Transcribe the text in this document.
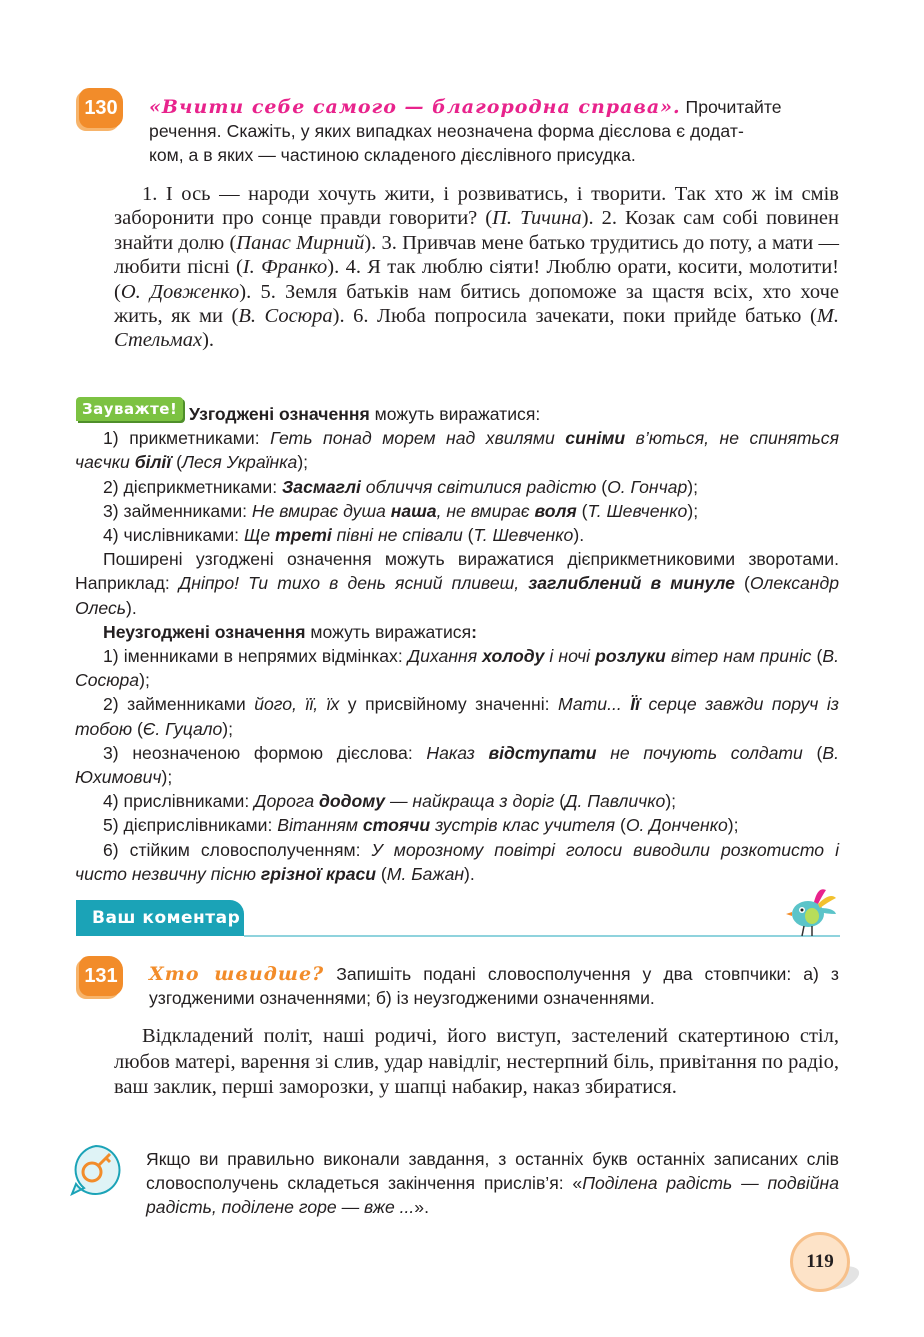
130 «Вчити себе самого — благородна справа». Прочитайте
речення. Скажіть, у яких випадках неозначена форма дієслова є додат-
ком, а в яких — частиною складеного дієслівного присудка.
1. І ось — народи хочуть жити, і розвиватись, і творити. Так хто ж ім смів заборонити про сонце правди говорити? (П. Тичина). 2. Козак сам собі повинен знайти долю (Панас Мирний). 3. Привчав мене батько трудитись до поту, а мати — любити пісні (І. Франко). 4. Я так люблю сіяти! Люблю орати, косити, молотити! (О. Довженко). 5. Земля батьків нам битись допоможе за щастя всіх, хто хоче жить, як ми (В. Сосюра). 6. Люба попросила зачекати, поки прийде батько (М. Стельмах).
Зауважте! Узгоджені означення можуть виражатися:

1) прикметниками: Геть понад морем над хвилями синіми в’ються, не спиняться чаєчки білії (Леся Українка);

2) дієприкметниками: Засмаглі обличчя світилися радістю (О. Гончар);

3) займенниками: Не вмирає душа наша, не вмирає воля (Т. Шевченко);

4) числівниками: Ще треті півні не співали (Т. Шевченко).

Поширені узгоджені означення можуть виражатися дієприкметниковими зворотами. Наприклад: Дніпро! Ти тихо в день ясний пливеш, заглиблений в минуле (Олександр Олесь).

Неузгоджені означення можуть виражатися:

1) іменниками в непрямих відмінках: Дихання холоду і ночі розлуки вітер нам приніс (В. Сосюра);

2) займенниками його, її, їх у присвійному значенні: Мати... Її серце завжди поруч із тобою (Є. Гуцало);

3) неозначеною формою дієслова: Наказ відступати не почують солдати (В. Юхимович);

4) прислівниками: Дорога додому — найкраща з доріг (Д. Павличко);

5) дієприслівниками: Вітанням стоячи зустрів клас учителя (О. Донченко);

6) стійким словосполученням: У морозному повітрі голоси виводили розкотисто і чисто незвичну пісню грізної краси (М. Бажан).

Ваш коментар
131 Хто швидше? Запишіть подані словосполучення у два стовпчики: а) з узгодженими означеннями; б) із неузгодженими означеннями.
Відкладений політ, наші родичі, його виступ, застелений скатертиною стіл, любов матері, варення зі слив, удар навідліг, нестерпний біль, привітання по радіо, ваш заклик, перші заморозки, у шапці набакир, наказ збиратися.
Якщо ви правильно виконали завдання, з останніх букв останніх записаних слів словосполучень складеться закінчення прислів’я: «Поділена радість — подвійна радість, поділене горе — вже ...».
119
